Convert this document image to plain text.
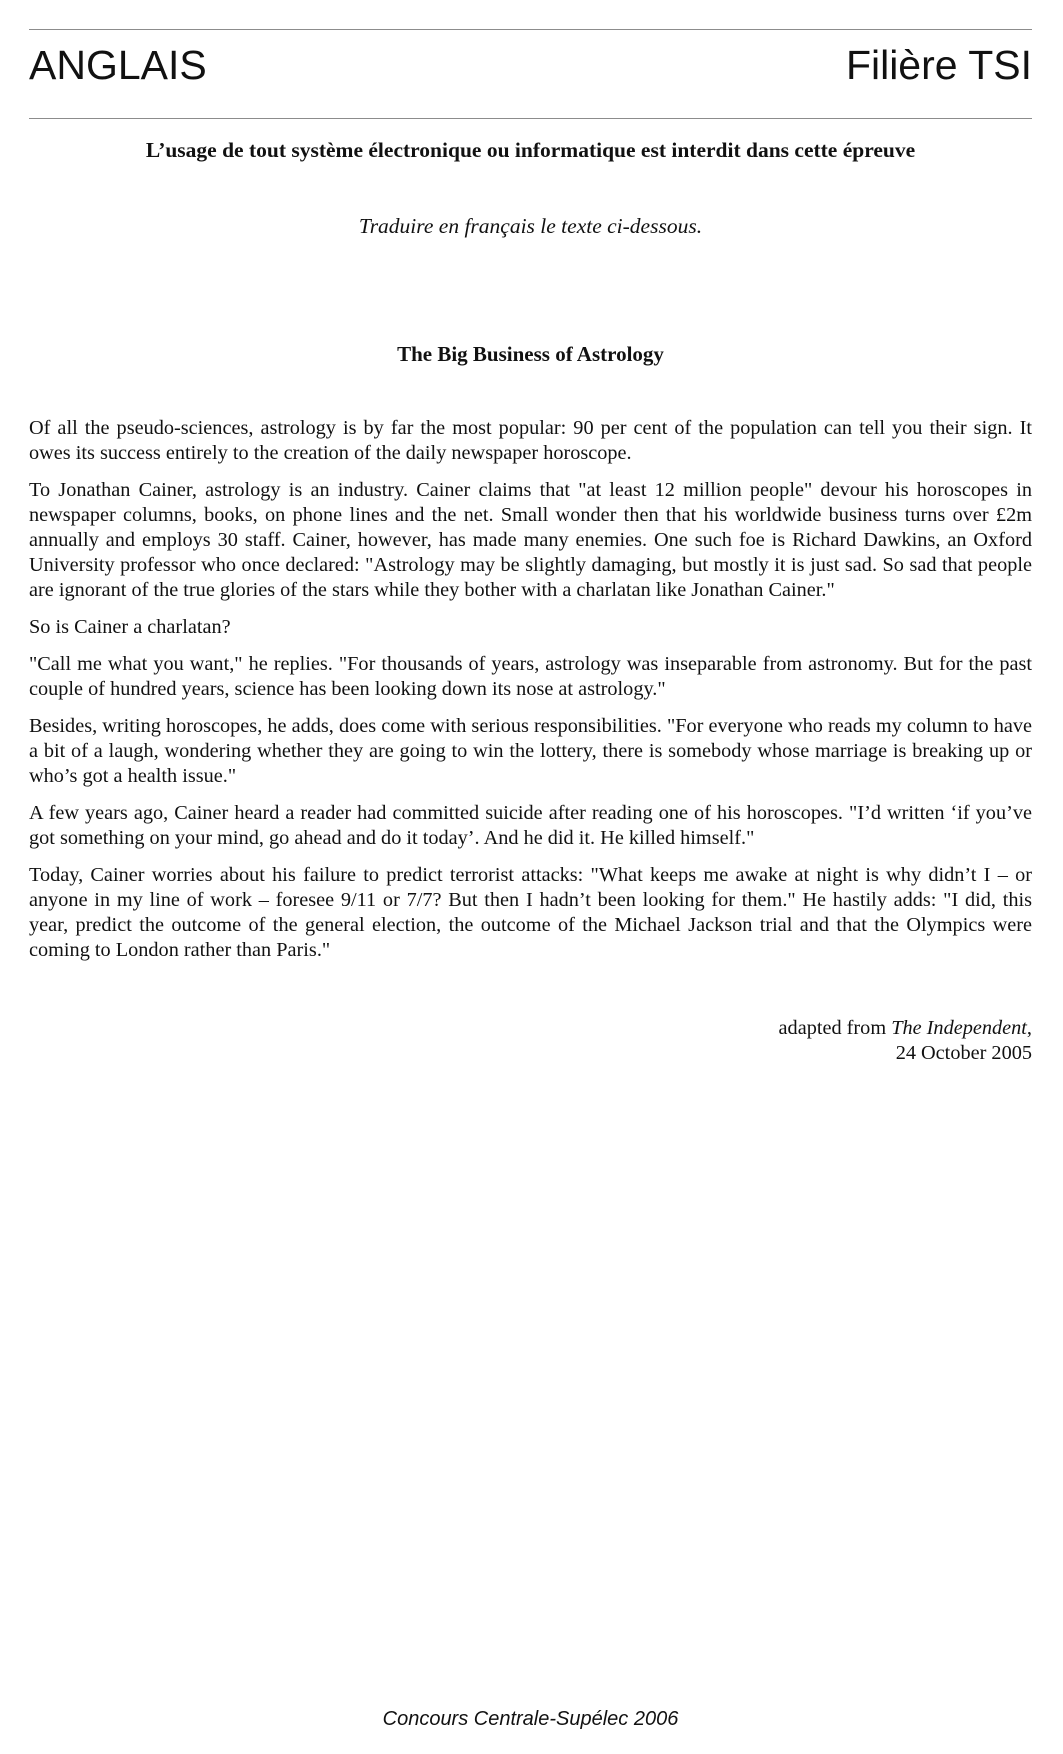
ANGLAIS	Filière TSI
L’usage de tout système électronique ou informatique est interdit dans cette épreuve
Traduire en français le texte ci-dessous.
The Big Business of Astrology

Of all the pseudo-sciences, astrology is by far the most popular: 90 per cent of the population can tell you their sign. It owes its success entirely to the creation of the daily newspaper horoscope.

To Jonathan Cainer, astrology is an industry. Cainer claims that "at least 12 million people" devour his horoscopes in newspaper columns, books, on phone lines and the net. Small wonder then that his worldwide business turns over £2m annually and employs 30 staff. Cainer, however, has made many enemies. One such foe is Richard Dawkins, an Oxford University professor who once declared: "Astrology may be slightly damaging, but mostly it is just sad. So sad that people are ignorant of the true glories of the stars while they bother with a charlatan like Jonathan Cainer."

So is Cainer a charlatan?

"Call me what you want," he replies. "For thousands of years, astrology was inseparable from astronomy. But for the past couple of hundred years, science has been looking down its nose at astrology."

Besides, writing horoscopes, he adds, does come with serious responsibilities. "For everyone who reads my column to have a bit of a laugh, wondering whether they are going to win the lottery, there is somebody whose marriage is breaking up or who’s got a health issue."

A few years ago, Cainer heard a reader had committed suicide after reading one of his horoscopes. "I’d written ‘if you’ve got something on your mind, go ahead and do it today’. And he did it. He killed himself."

Today, Cainer worries about his failure to predict terrorist attacks: "What keeps me awake at night is why didn’t I – or anyone in my line of work – foresee 9/11 or 7/7? But then I hadn’t been looking for them." He hastily adds: "I did, this year, predict the outcome of the general election, the outcome of the Michael Jackson trial and that the Olympics were coming to London rather than Paris."

adapted from The Independent,
24 October 2005
Concours Centrale-Supélec 2006
